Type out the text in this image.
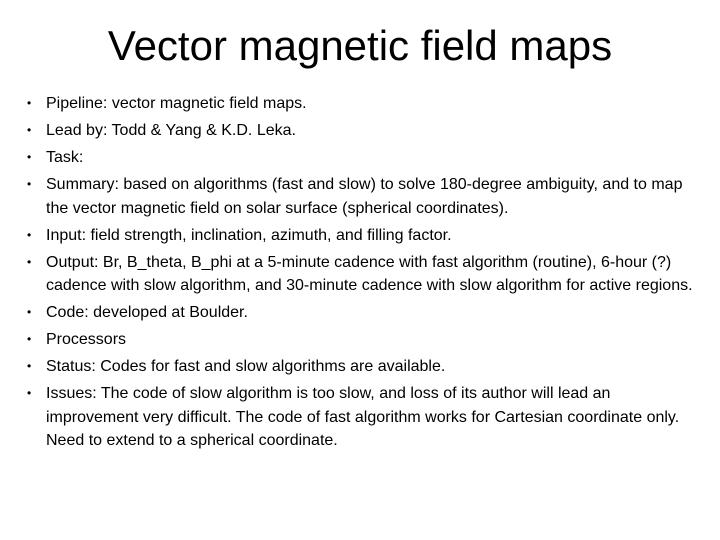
Vector magnetic field maps
• Pipeline: vector magnetic field maps.
• Lead by: Todd & Yang & K.D. Leka.
• Task:
• Summary: based on algorithms (fast and slow) to solve 180-degree ambiguity, and to map the vector magnetic field on solar surface (spherical coordinates).
• Input: field strength, inclination, azimuth, and filling factor.
• Output: Br, B_theta, B_phi at a 5-minute cadence with fast algorithm (routine), 6-hour (?) cadence with slow algorithm, and 30-minute cadence with slow algorithm for active regions.
• Code: developed at Boulder.
• Processors
• Status: Codes for fast and slow algorithms are available.
• Issues: The code of slow algorithm is too slow, and loss of its author will lead an improvement very difficult. The code of fast algorithm works for Cartesian coordinate only. Need to extend to a spherical coordinate.
